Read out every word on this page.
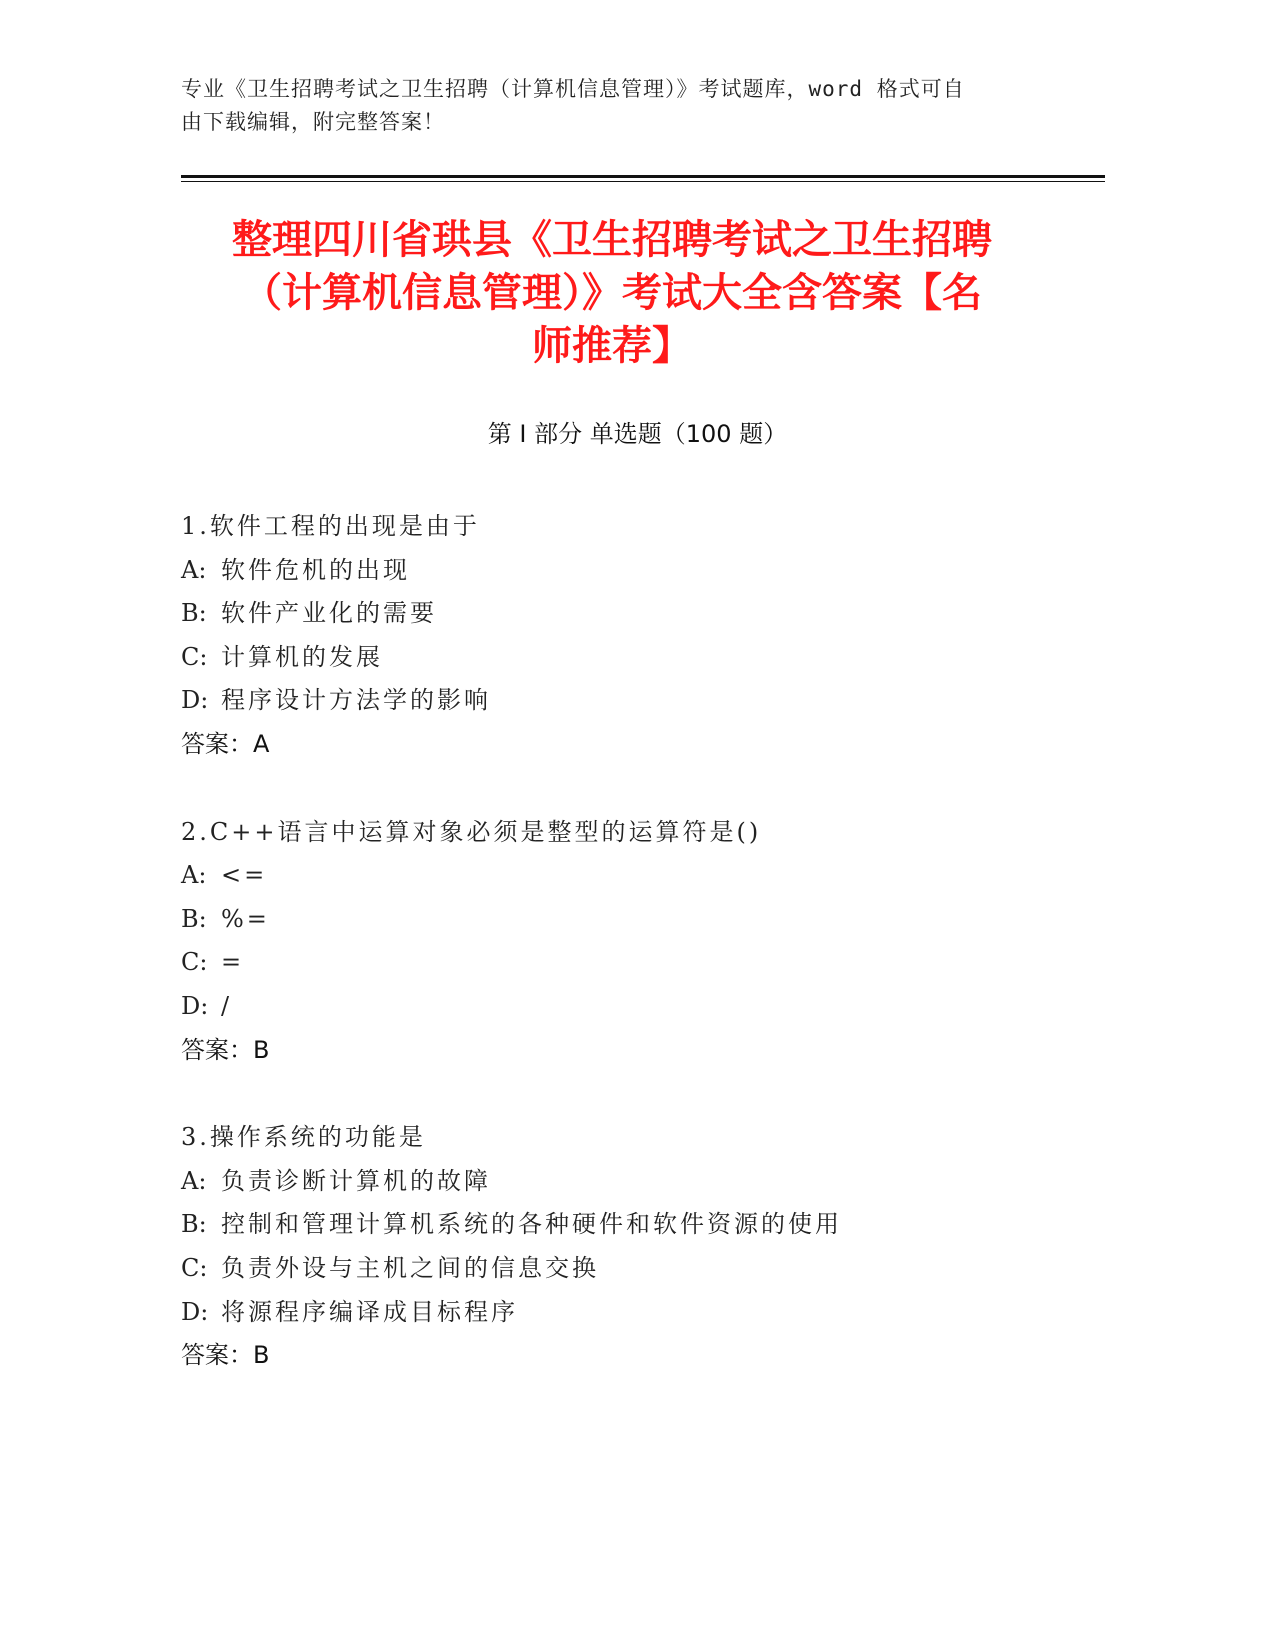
专业《卫生招聘考试之卫生招聘（计算机信息管理）》考试题库，word 格式可自
由下载编辑，附完整答案！
整理四川省珙县《卫生招聘考试之卫生招聘
（计算机信息管理）》考试大全含答案【名
师推荐】
第 I 部分 单选题（100 题）
1.软件工程的出现是由于
A: 软件危机的出现
B: 软件产业化的需要
C: 计算机的发展
D: 程序设计方法学的影响
答案：A
2.C++语言中运算对象必须是整型的运算符是()
A: <=
B: %=
C: =
D: /
答案：B
3.操作系统的功能是
A: 负责诊断计算机的故障
B: 控制和管理计算机系统的各种硬件和软件资源的使用
C: 负责外设与主机之间的信息交换
D: 将源程序编译成目标程序
答案：B
